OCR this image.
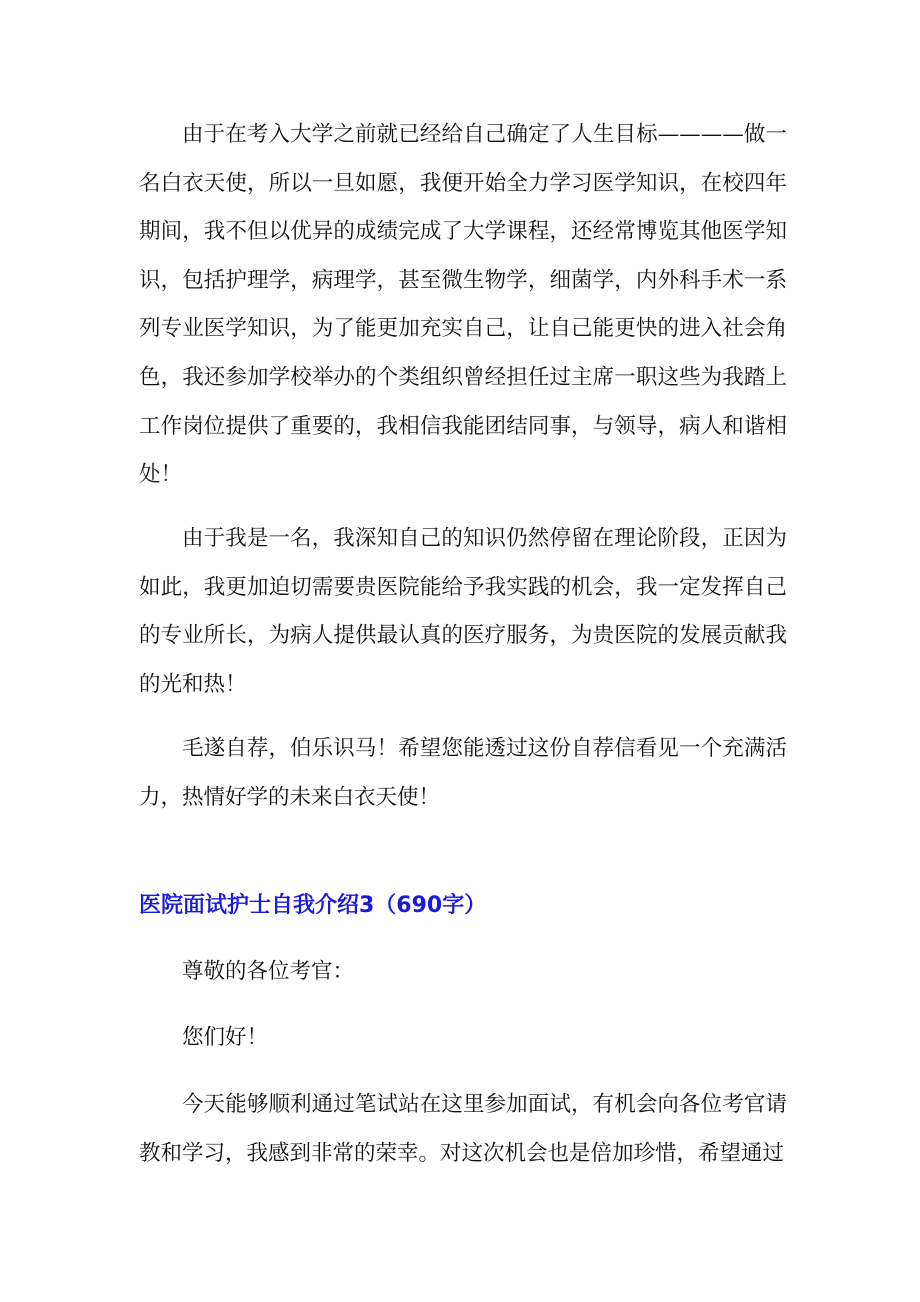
由于在考入大学之前就已经给自己确定了人生目标————做一名白衣天使，所以一旦如愿，我便开始全力学习医学知识，在校四年期间，我不但以优异的成绩完成了大学课程，还经常博览其他医学知识，包括护理学，病理学，甚至微生物学，细菌学，内外科手术一系列专业医学知识，为了能更加充实自己，让自己能更快的进入社会角色，我还参加学校举办的个类组织曾经担任过主席一职这些为我踏上工作岗位提供了重要的，我相信我能团结同事，与领导，病人和谐相处！

由于我是一名，我深知自己的知识仍然停留在理论阶段，正因为如此，我更加迫切需要贵医院能给予我实践的机会，我一定发挥自己的专业所长，为病人提供最认真的医疗服务，为贵医院的发展贡献我的光和热！

毛遂自荐，伯乐识马！希望您能透过这份自荐信看见一个充满活力，热情好学的未来白衣天使！

医院面试护士自我介绍3（690字）

尊敬的各位考官：

您们好！

今天能够顺利通过笔试站在这里参加面试，有机会向各位考官请教和学习，我感到非常的荣幸。对这次机会也是倍加珍惜，希望通过
